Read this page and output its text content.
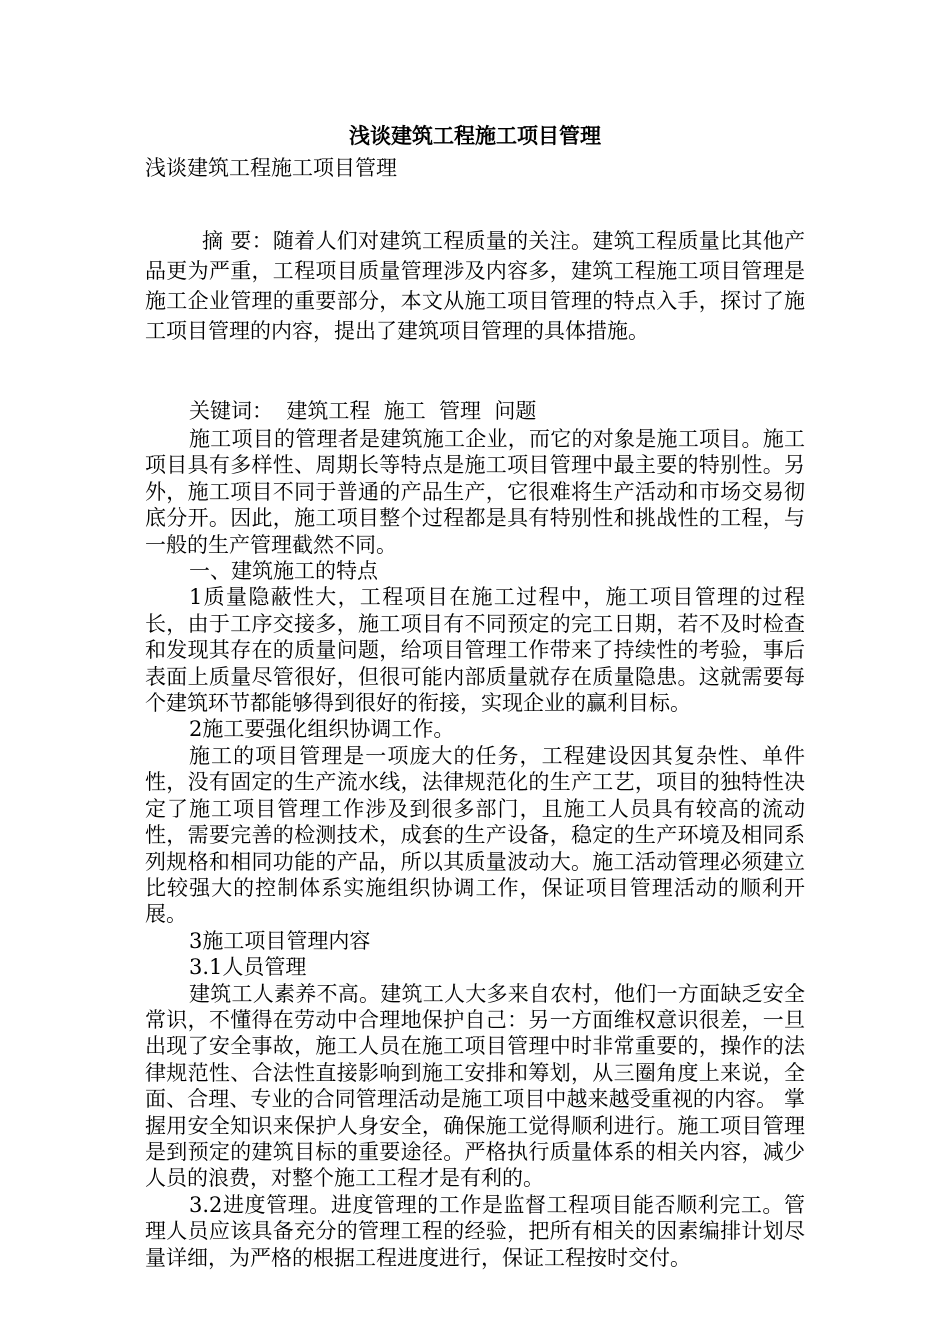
浅谈建筑工程施工项目管理

浅谈建筑工程施工项目管理

摘 要：随着人们对建筑工程质量的关注。建筑工程质量比其他产品更为严重，工程项目质量管理涉及内容多，建筑工程施工项目管理是施工企业管理的重要部分，本文从施工项目管理的特点入手，探讨了施工项目管理的内容，提出了建筑项目管理的具体措施。

关键词：  建筑工程  施工  管理  问题

施工项目的管理者是建筑施工企业，而它的对象是施工项目。施工项目具有多样性、周期长等特点是施工项目管理中最主要的特别性。另外，施工项目不同于普通的产品生产，它很难将生产活动和市场交易彻底分开。因此，施工项目整个过程都是具有特别性和挑战性的工程，与一般的生产管理截然不同。

一、建筑施工的特点

1质量隐蔽性大，工程项目在施工过程中，施工项目管理的过程长，由于工序交接多，施工项目有不同预定的完工日期，若不及时检查和发现其存在的质量问题，给项目管理工作带来了持续性的考验，事后表面上质量尽管很好，但很可能内部质量就存在质量隐患。这就需要每个建筑环节都能够得到很好的衔接，实现企业的赢利目标。

2施工要强化组织协调工作。

施工的项目管理是一项庞大的任务，工程建设因其复杂性、单件性，没有固定的生产流水线，法律规范化的生产工艺，项目的独特性决定了施工项目管理工作涉及到很多部门，且施工人员具有较高的流动性，需要完善的检测技术，成套的生产设备，稳定的生产环境及相同系列规格和相同功能的产品，所以其质量波动大。施工活动管理必须建立比较强大的控制体系实施组织协调工作，保证项目管理活动的顺利开展。

3施工项目管理内容

3.1人员管理

建筑工人素养不高。建筑工人大多来自农村，他们一方面缺乏安全常识，不懂得在劳动中合理地保护自己：另一方面维权意识很差，一旦出现了安全事故，施工人员在施工项目管理中时非常重要的，操作的法律规范性、合法性直接影响到施工安排和筹划，从三圈角度上来说，全面、合理、专业的合同管理活动是施工项目中越来越受重视的内容。 掌握用安全知识来保护人身安全，确保施工觉得顺利进行。施工项目管理是到预定的建筑目标的重要途径。严格执行质量体系的相关内容，减少人员的浪费，对整个施工工程才是有利的。

3.2进度管理。进度管理的工作是监督工程项目能否顺利完工。管理人员应该具备充分的管理工程的经验，把所有相关的因素编排计划尽量详细，为严格的根据工程进度进行，保证工程按时交付。
